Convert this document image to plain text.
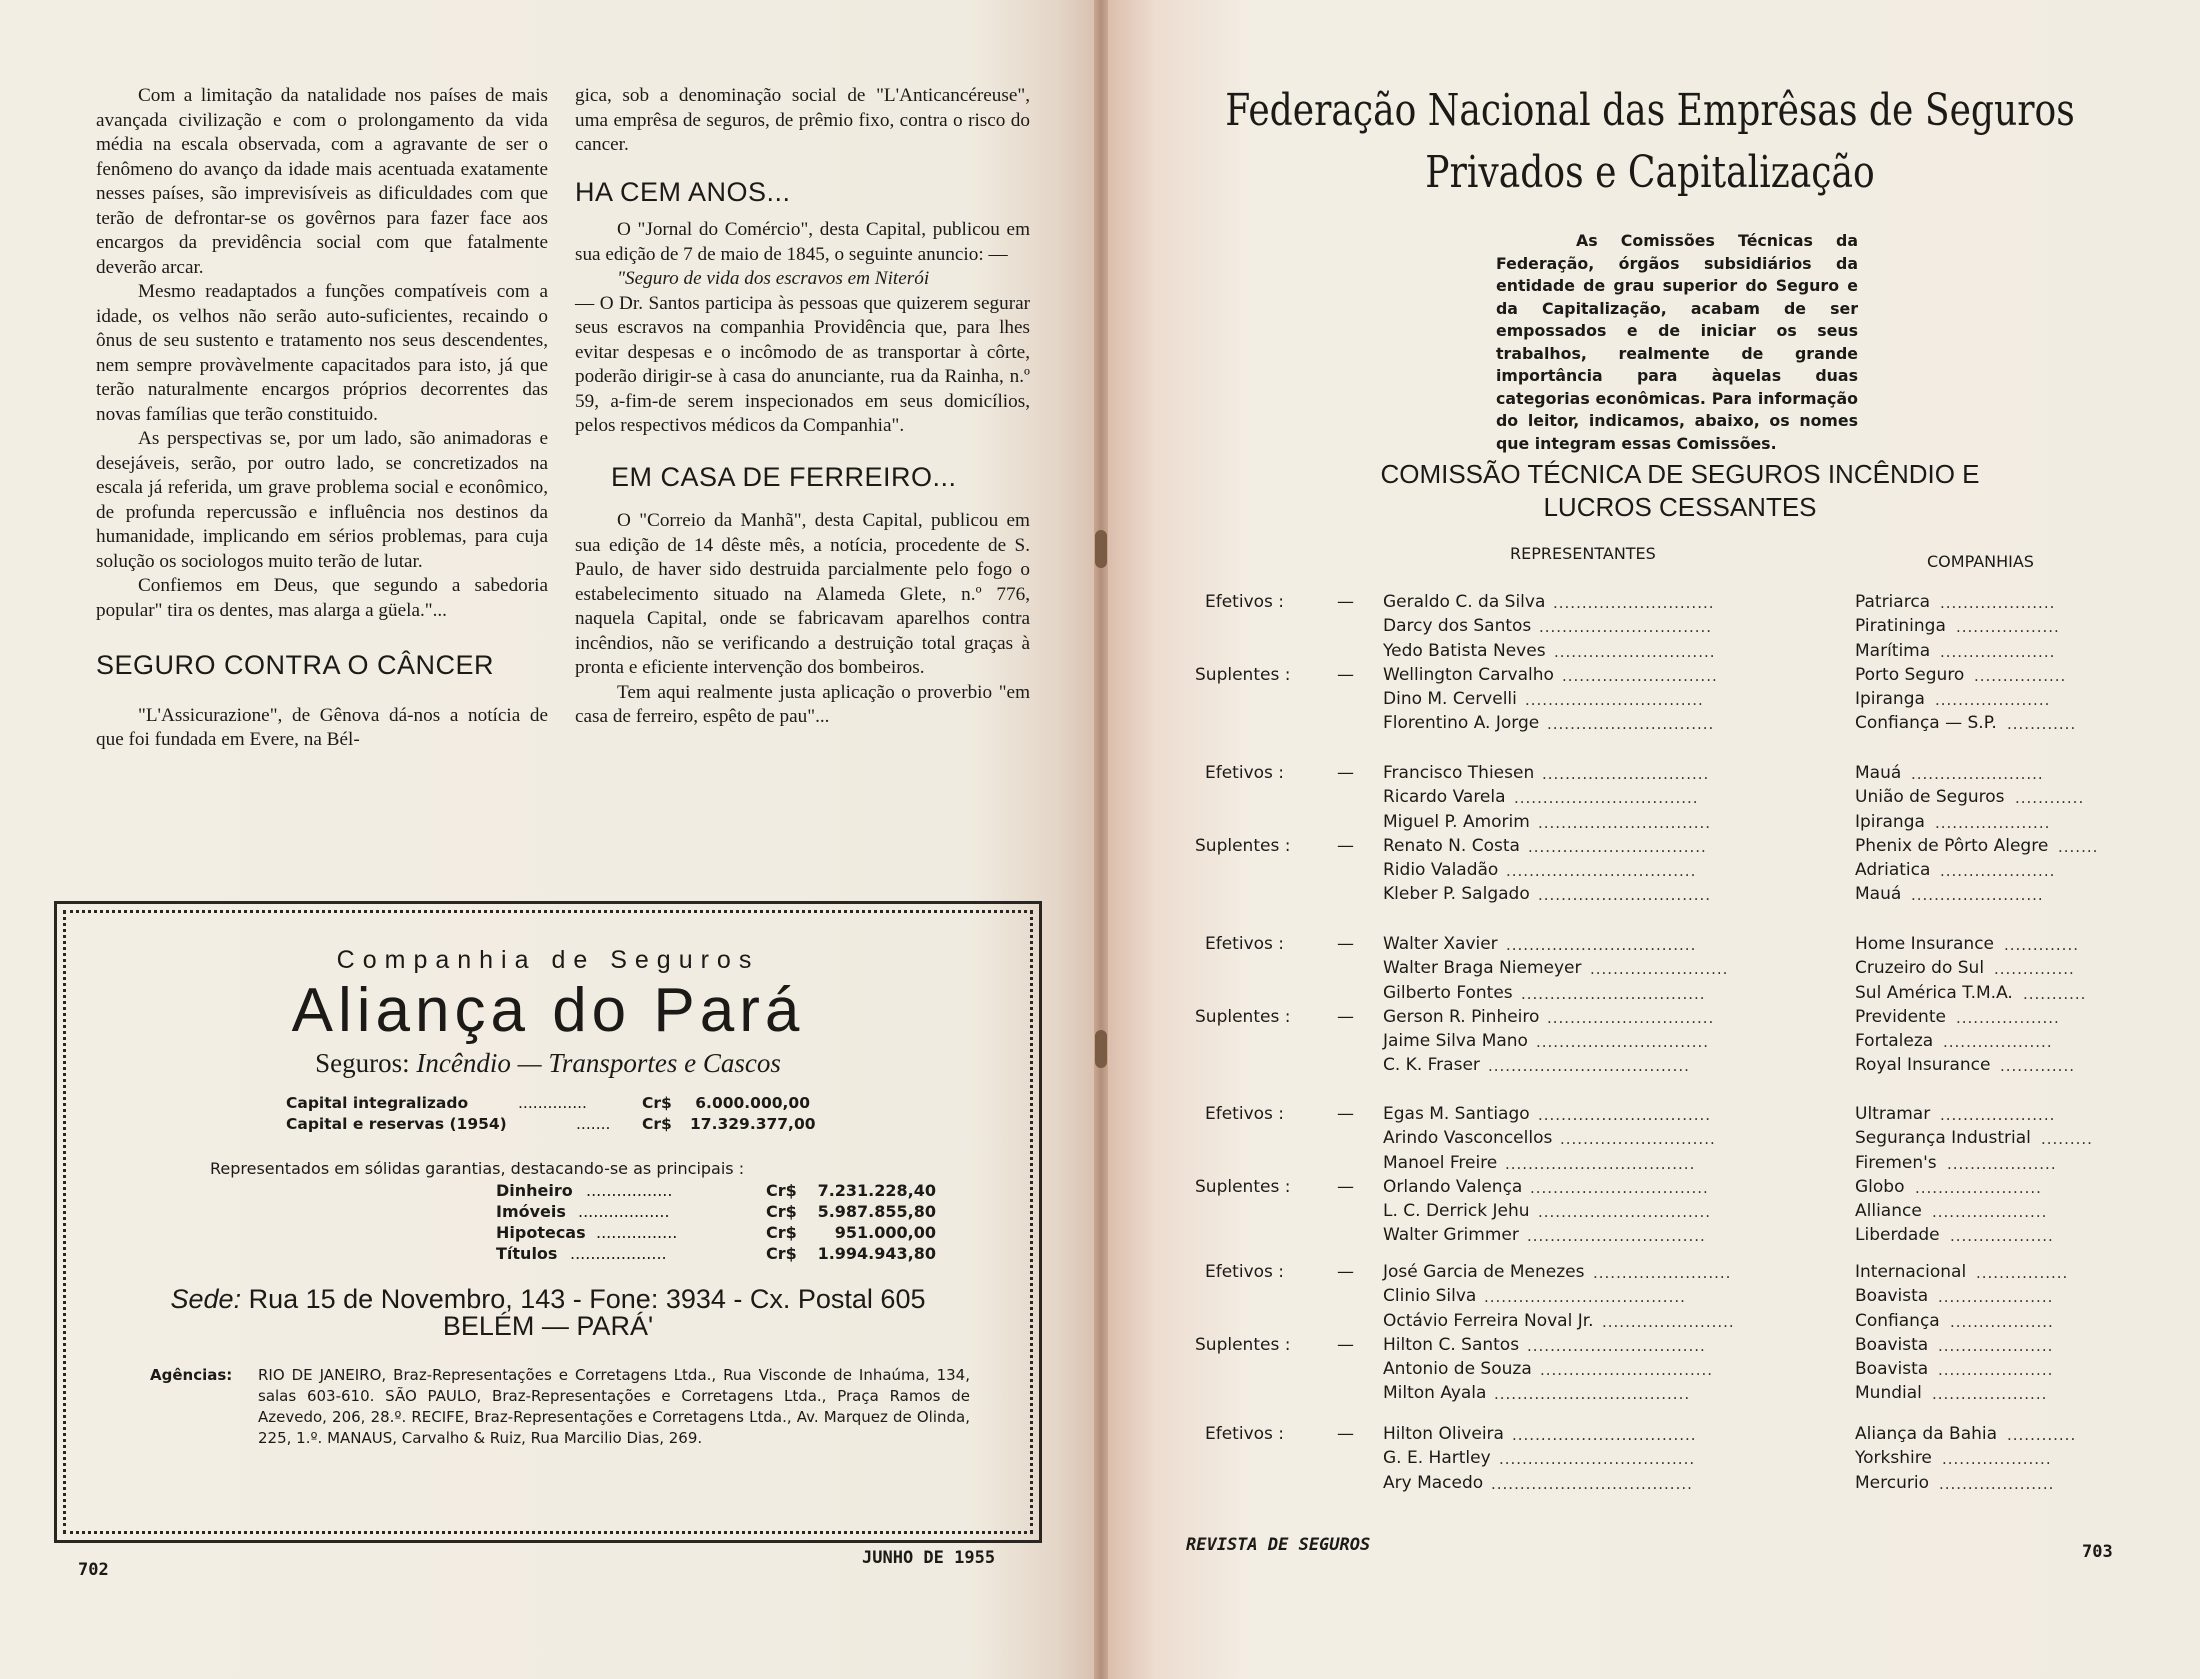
Com a limitação da natalidade nos países de mais avançada civilização e com o prolongamento da vida média na escala observada, com a agravante de ser o fenômeno do avanço da idade mais acentuada exatamente nesses países, são imprevisíveis as dificuldades com que terão de defrontar-se os govêrnos para fazer face aos encargos da previdência social com que fatalmente deverão arcar.

Mesmo readaptados a funções compatíveis com a idade, os velhos não serão auto-suficientes, recaindo o ônus de seu sustento e tratamento nos seus descendentes, nem sempre provàvelmente capacitados para isto, já que terão naturalmente encargos próprios decorrentes das novas famílias que terão constituido.

As perspectivas se, por um lado, são animadoras e desejáveis, serão, por outro lado, se concretizados na escala já referida, um grave problema social e econômico, de profunda repercussão e influência nos destinos da humanidade, implicando em sérios problemas, para cuja solução os sociologos muito terão de lutar.

Confiemos em Deus, que segundo a sabedoria popular" tira os dentes, mas alarga a güela."...

SEGURO CONTRA O CÂNCER

"L'Assicurazione", de Gênova dá-nos a notícia de que foi fundada em Evere, na Bél-

gica, sob a denominação social de "L'Anticancéreuse", uma emprêsa de seguros, de prêmio fixo, contra o risco do cancer.

HA CEM ANOS...

O "Jornal do Comércio", desta Capital, publicou em sua edição de 7 de maio de 1845, o seguinte anuncio: —

"Seguro de vida dos escravos em Niterói

— O Dr. Santos participa às pessoas que quizerem segurar seus escravos na companhia Providência que, para lhes evitar despesas e o incômodo de as transportar à côrte, poderão dirigir-se à casa do anunciante, rua da Rainha, n.º 59, a-fim-de serem inspecionados em seus domicílios, pelos respectivos médicos da Companhia".

EM CASA DE FERREIRO...

O "Correio da Manhã", desta Capital, publicou em sua edição de 14 dêste mês, a notícia, procedente de S. Paulo, de haver sido destruida parcialmente pelo fogo o estabelecimento situado na Alameda Glete, n.º 776, naquela Capital, onde se fabricavam aparelhos contra incêndios, não se verificando a destruição total graças à pronta e eficiente intervenção dos bombeiros.

Tem aqui realmente justa aplicação o proverbio "em casa de ferreiro, espêto de pau"...

Companhia de Seguros
Aliança do Pará
Seguros: Incêndio — Transportes e Cascos
Capital integralizado	..............	Cr$ 6.000.000,00
Capital e reservas (1954)	....... Cr$ 17.329.377,00
Representados em sólidas garantias, destacando-se as principais :
Dinheiro .................	Cr$ 7.231.228,40
Imóveis ..................	Cr$ 5.987.855,80
Hipotecas ................	Cr$ 951.000,00
Títulos ...................	Cr$ 1.994.943,80
Sede: Rua 15 de Novembro, 143 - Fone: 3934 - Cx. Postal 605
BELÉM — PARÁ'
Agências: RIO DE JANEIRO, Braz-Representações e Corretagens Ltda., Rua Visconde de Inhaúma, 134, salas 603-610. SÃO PAULO, Braz-Representações e Corretagens Ltda., Praça Ramos de Azevedo, 206, 28.º. RECIFE, Braz-Representações e Corretagens Ltda., Av. Marquez de Olinda, 225, 1.º. MANAUS, Carvalho & Ruiz, Rua Marcilio Dias, 269.
702
JUNHO DE 1955
Federação Nacional das Emprêsas de Seguros
Privados e Capitalização
As Comissões Técnicas da Federação, órgãos subsidiários da entidade de grau superior do Seguro e da Capitalização, acabam de ser empossados e de iniciar os seus trabalhos, realmente de grande importância para àquelas duas categorias econômicas. Para informação do leitor, indicamos, abaixo, os nomes que integram essas Comissões.
COMISSÃO TÉCNICA DE SEGUROS INCÊNDIO E
LUCROS CESSANTES
REPRESENTANTES	COMPANHIAS
Efetivos :	— Geraldo C. da Silva ............................	Patriarca ....................
Darcy dos Santos ..............................	Piratininga ..................
Yedo Batista Neves ............................	Marítima ....................
Suplentes :	— Wellington Carvalho ...........................	Porto Seguro ................
Dino M. Cervelli ...............................	Ipiranga ....................
Florentino A. Jorge .............................	Confiança — S.P. ............
Efetivos :	— Francisco Thiesen .............................	Mauá .......................
Ricardo Varela ................................	União de Seguros ............
Miguel P. Amorim ..............................	Ipiranga ....................
Suplentes :	— Renato N. Costa ...............................	Phenix de Pôrto Alegre .......
Ridio Valadão .................................	Adriatica ....................
Kleber P. Salgado ..............................	Mauá .......................
Efetivos :	— Walter Xavier .................................	Home Insurance .............
Walter Braga Niemeyer ........................	Cruzeiro do Sul ..............
Gilberto Fontes ................................	Sul América T.M.A. ...........
Suplentes :	— Gerson R. Pinheiro .............................	Previdente ..................
Jaime Silva Mano ..............................	Fortaleza ...................
C. K. Fraser ...................................	Royal Insurance .............
Efetivos :	— Egas M. Santiago ..............................	Ultramar ....................
Arindo Vasconcellos ...........................	Segurança Industrial .........
Manoel Freire .................................	Firemen's ...................
Suplentes :	— Orlando Valença ...............................	Globo ......................
L. C. Derrick Jehu ..............................	Alliance ....................
Walter Grimmer ...............................	Liberdade ..................
Efetivos :	— José Garcia de Menezes ........................	Internacional ................
Clinio Silva ...................................	Boavista ....................
Octávio Ferreira Noval Jr. .......................	Confiança ..................
Suplentes :	— Hilton C. Santos ...............................	Boavista ....................
Antonio de Souza ..............................	Boavista ....................
Milton Ayala ..................................	Mundial ....................
Efetivos :	— Hilton Oliveira ................................	Aliança da Bahia ............
G. E. Hartley ..................................	Yorkshire ...................
Ary Macedo ...................................	Mercurio ....................
REVISTA DE SEGUROS	703
